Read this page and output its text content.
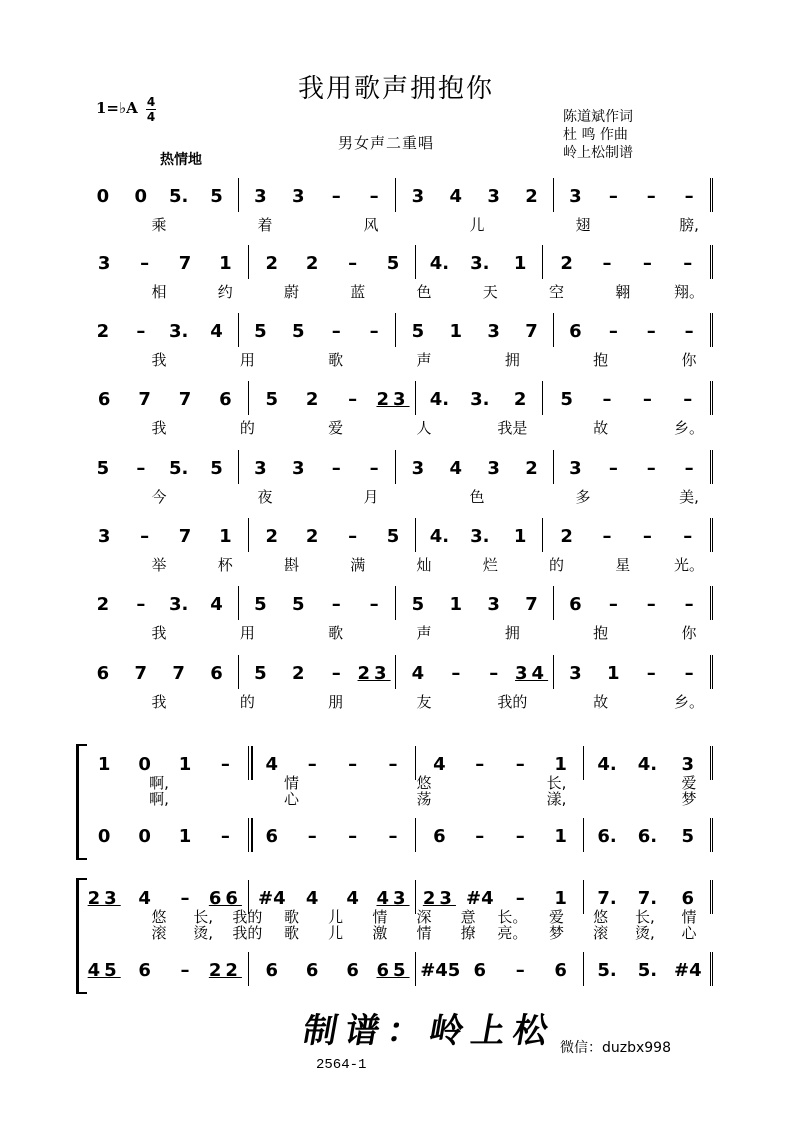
我用歌声拥抱你
1=♭A 4
4
男女声二重唱
陈道斌作词
杜 鸣 作曲
岭上松制谱
热情地
0	0	5.	5	3	3	–	–	3	4	3	2	3	–	–	–
乘	着	风	儿	翅	膀,
3	–	7	1	2	2	–	5	4.	3.	1	2	–	–	–
相	约	蔚	蓝	色	天	空	翱	翔。
2	–	3.	4	5	5	–	–	5	1	3	7	6	–	–	–
我	用	歌	声	拥	抱	你
6	7	7	6	5	2	–	23	4.	3.	2	5	–	–	–
我	的	爱	人	我是	故	乡。
5	–	5.	5	3	3	–	–	3	4	3	2	3	–	–	–
今	夜	月	色	多	美,
3	–	7	1	2	2	–	5	4.	3.	1	2	–	–	–
举	杯	斟	满	灿	烂	的	星	光。
2	–	3.	4	5	5	–	–	5	1	3	7	6	–	–	–
我	用	歌	声	拥	抱	你
6	7	7	6	5	2	– 23	4	–	– 34	3	1	–	–
我	的	朋	友	我的	故	乡。
1	0	1	–	4	–	–	–	4	–	–	1	4.	4.	3
啊,	情	悠	长,	爱
啊,	心	荡	漾,	梦
0	0	1	–	6	–	–	–	6	–	–	1	6.	6.	5
23 4	–	66 #4	4	4 43 23 #4	–	1	7.	7.	6
悠	长,	我的	歌	儿	情	深	意	长。	爱	悠	长,	情
滚	烫,	我的	歌	儿	激	情	撩	亮。	梦	滚	烫,	心
45 6	–	22	6	6	6 65 #45 6	–	6	5.	5. #4
制谱：岭上松 微信：duzbx998
2564-1
